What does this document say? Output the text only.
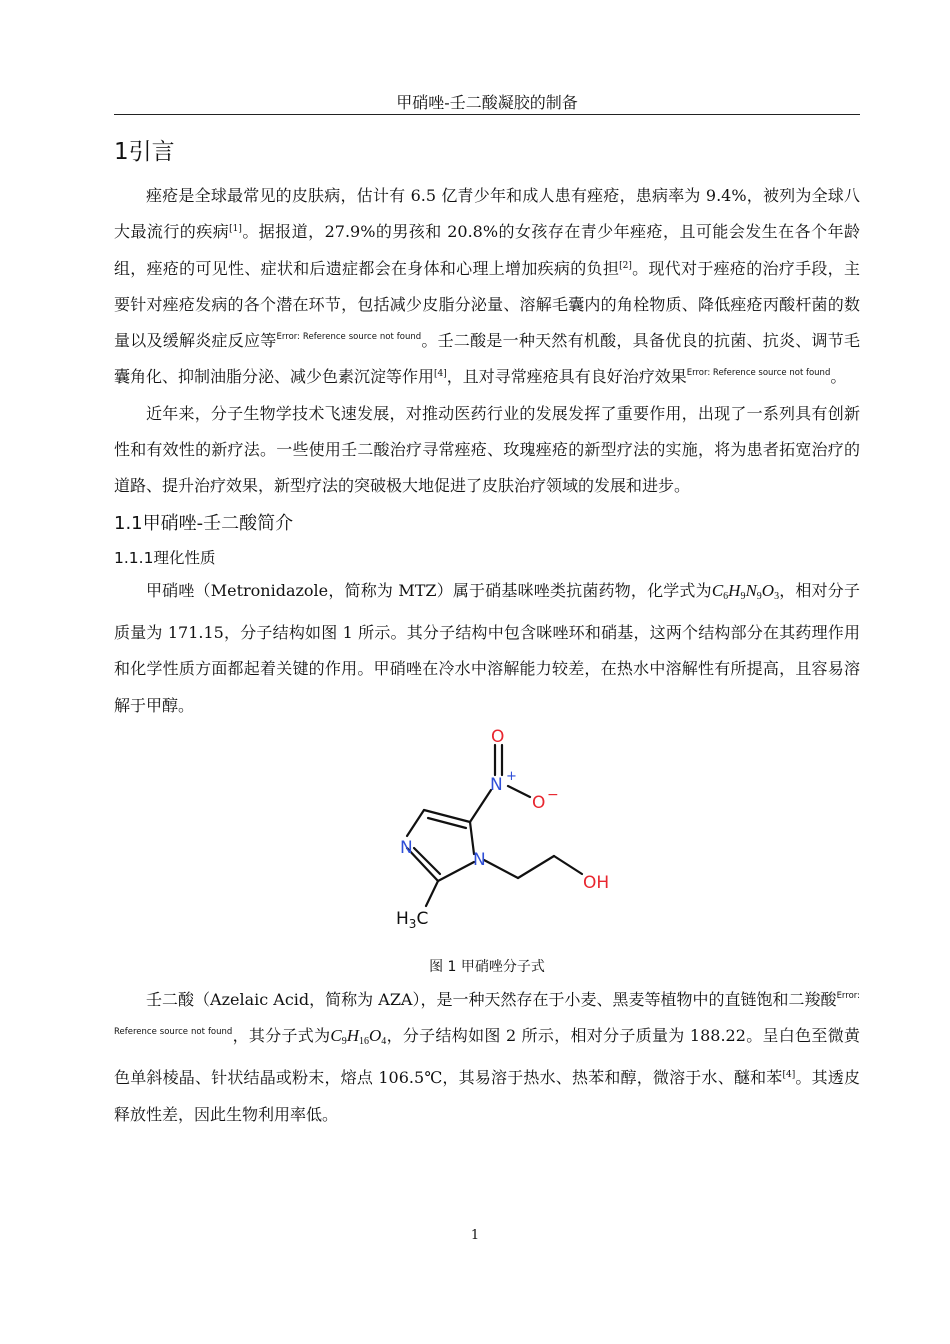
甲硝唑-壬二酸凝胶的制备
1引言

痤疮是全球最常见的皮肤病，估计有 6.5 亿青少年和成人患有痤疮，患病率为 9.4%，被列为全球八大最流行的疾病[1]。据报道，27.9%的男孩和 20.8%的女孩存在青少年痤疮，且可能会发生在各个年龄组，痤疮的可见性、症状和后遗症都会在身体和心理上增加疾病的负担[2]。现代对于痤疮的治疗手段，主要针对痤疮发病的各个潜在环节，包括减少皮脂分泌量、溶解毛囊内的角栓物质、降低痤疮丙酸杆菌的数量以及缓解炎症反应等$^{Error: Reference source not found}$。壬二酸是一种天然有机酸，具备优良的抗菌、抗炎、调节毛囊角化、抑制油脂分泌、减少色素沉淀等作用[4]，且对寻常痤疮具有良好治疗效果$^{Error: Reference source not found}$。

近年来，分子生物学技术飞速发展，对推动医药行业的发展发挥了重要作用，出现了一系列具有创新性和有效性的新疗法。一些使用壬二酸治疗寻常痤疮、玫瑰痤疮的新型疗法的实施，将为患者拓宽治疗的道路、提升治疗效果，新型疗法的突破极大地促进了皮肤治疗领域的发展和进步。

1.1甲硝唑-壬二酸简介
1.1.1理化性质

甲硝唑（Metronidazole，简称为 MTZ）属于硝基咪唑类抗菌药物，化学式为$C_6H_9N_9O_3$，相对分子质量为 171.15，分子结构如图 1 所示。其分子结构中包含咪唑环和硝基，这两个结构部分在其药理作用和化学性质方面都起着关键的作用。甲硝唑在冷水中溶解能力较差，在热水中溶解性有所提高，且容易溶解于甲醇。

O
N +
O −
N
N
OH
$H_3C$
图 1 甲硝唑分子式

壬二酸（Azelaic Acid，简称为 AZA），是一种天然存在于小麦、黑麦等植物中的直链饱和二羧酸$^{Error: Reference source not found}$，其分子式为$C_9H_{16}O_4$，分子结构如图 2 所示，相对分子质量为 188.22。呈白色至微黄色单斜棱晶、针状结晶或粉末，熔点 106.5℃，其易溶于热水、热苯和醇，微溶于水、醚和苯[4]。其透皮释放性差，因此生物利用率低。

1
